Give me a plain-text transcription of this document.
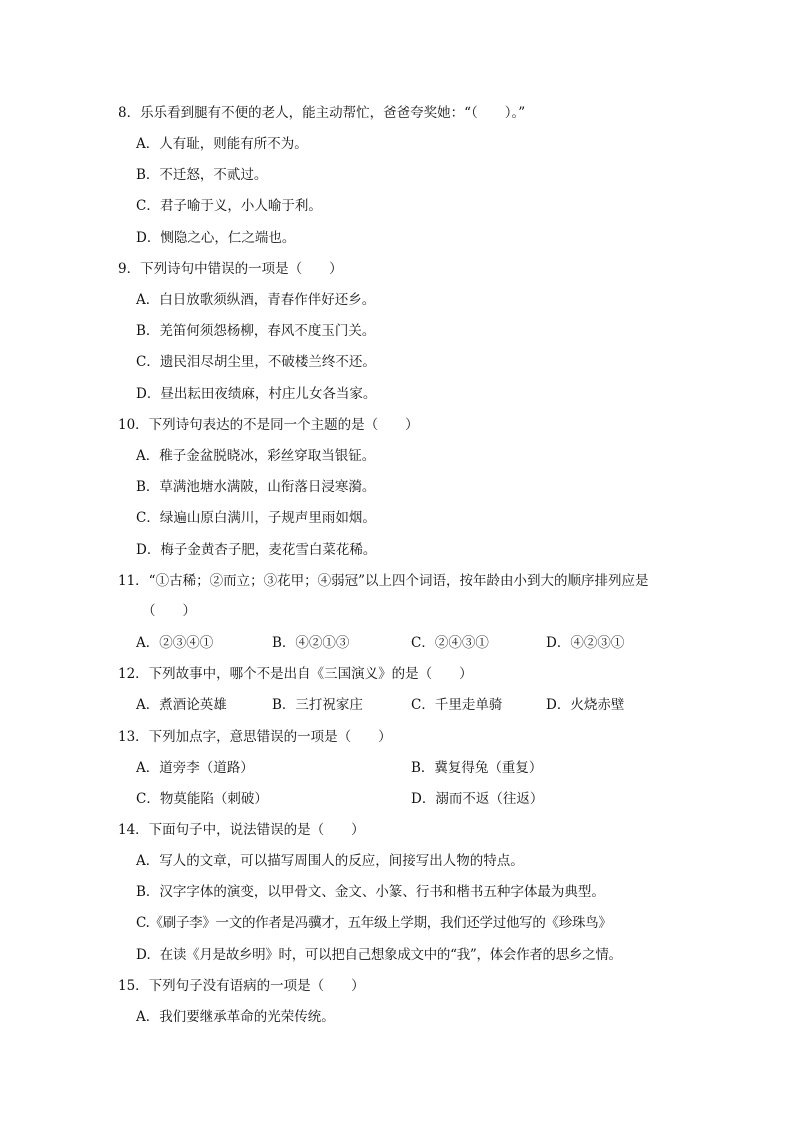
8．乐乐看到腿有不便的老人，能主动帮忙，爸爸夸奖她：“（　　）。”
A．人有耻，则能有所不为。
B．不迁怒，不贰过。
C．君子喻于义，小人喻于利。
D．恻隐之心，仁之端也。
9．下列诗句中错误的一项是（　　）
A．白日放歌须纵酒，青春作伴好还乡。
B．羌笛何须怨杨柳，春风不度玉门关。
C．遗民泪尽胡尘里，不破楼兰终不还。
D．昼出耘田夜绩麻，村庄儿女各当家。
10．下列诗句表达的不是同一个主题的是（　　）
A．稚子金盆脱晓冰，彩丝穿取当银钲。
B．草满池塘水满陂，山衔落日浸寒漪。
C．绿遍山原白满川，子规声里雨如烟。
D．梅子金黄杏子肥，麦花雪白菜花稀。
11．“①古稀；②而立；③花甲；④弱冠”以上四个词语，按年龄由小到大的顺序排列应是
（　　）
A．②③④①	B．④②①③	C．②④③①	D．④②③①
12．下列故事中，哪个不是出自《三国演义》的是（　　）
A．煮酒论英雄	B．三打祝家庄	C．千里走单骑	D．火烧赤壁
13．下列加点字，意思错误的一项是（　　）
A．道旁李（道路）	B．冀复得兔（重复）
C．物莫能陷（刺破）	D．溺而不返（往返）
14．下面句子中，说法错误的是（　　）
A．写人的文章，可以描写周围人的反应，间接写出人物的特点。
B．汉字字体的演变，以甲骨文、金文、小篆、行书和楷书五种字体最为典型。
C.《刷子李》一文的作者是冯骥才，五年级上学期，我们还学过他写的《珍珠鸟》
D．在读《月是故乡明》时，可以把自己想象成文中的“我”，体会作者的思乡之情。
15．下列句子没有语病的一项是（　　）
A．我们要继承革命的光荣传统。
